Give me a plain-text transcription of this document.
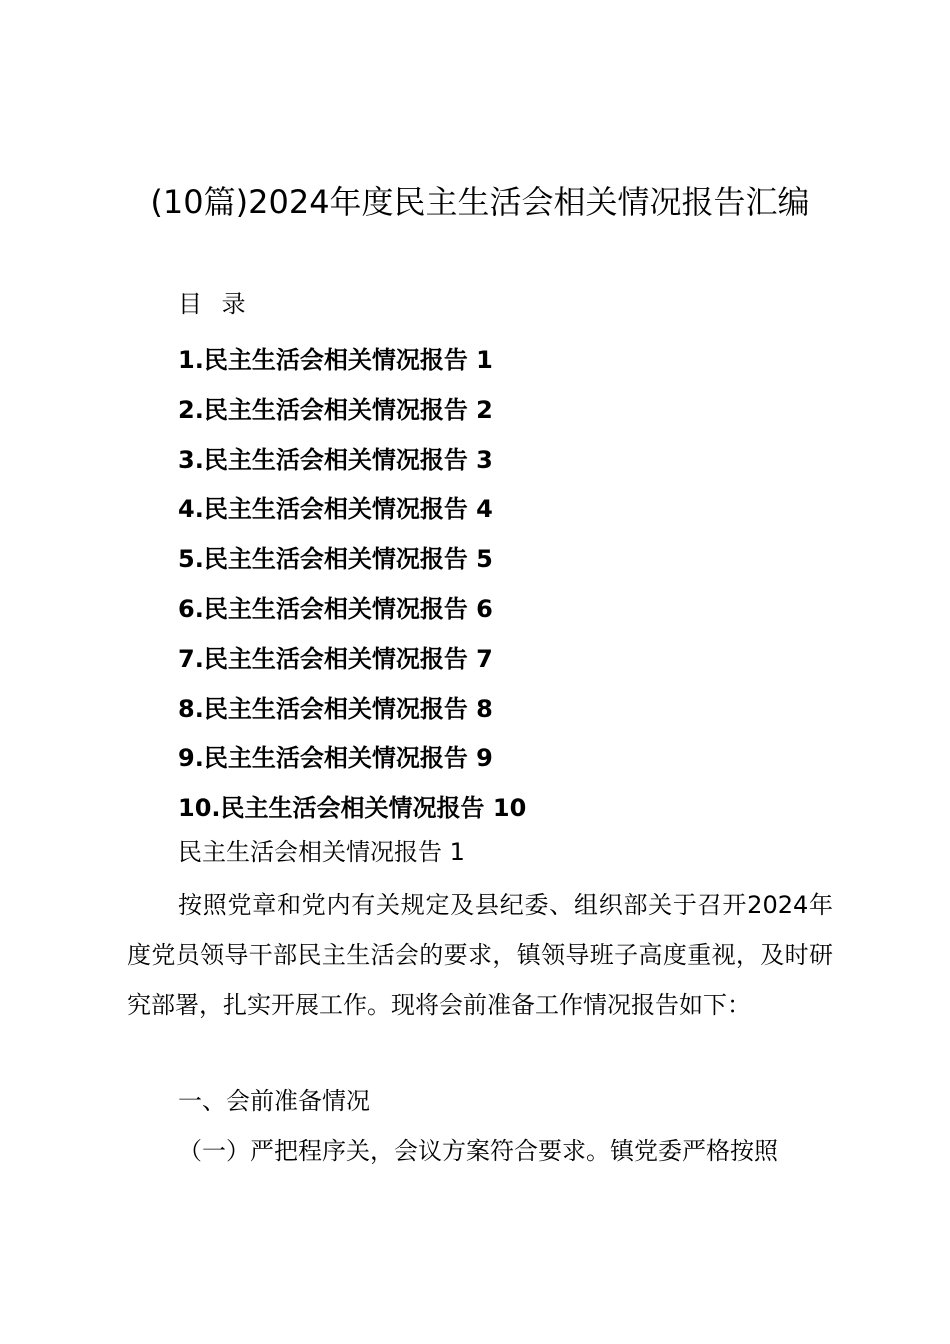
(10篇)2024年度民主生活会相关情况报告汇编

目 录

1.民主生活会相关情况报告 1
2.民主生活会相关情况报告 2
3.民主生活会相关情况报告 3
4.民主生活会相关情况报告 4
5.民主生活会相关情况报告 5
6.民主生活会相关情况报告 6
7.民主生活会相关情况报告 7
8.民主生活会相关情况报告 8
9.民主生活会相关情况报告 9
10.民主生活会相关情况报告 10

民主生活会相关情况报告 1

按照党章和党内有关规定及县纪委、组织部关于召开2024年度党员领导干部民主生活会的要求，镇领导班子高度重视，及时研究部署，扎实开展工作。现将会前准备工作情况报告如下：

一、会前准备情况

（一）严把程序关，会议方案符合要求。镇党委严格按照
